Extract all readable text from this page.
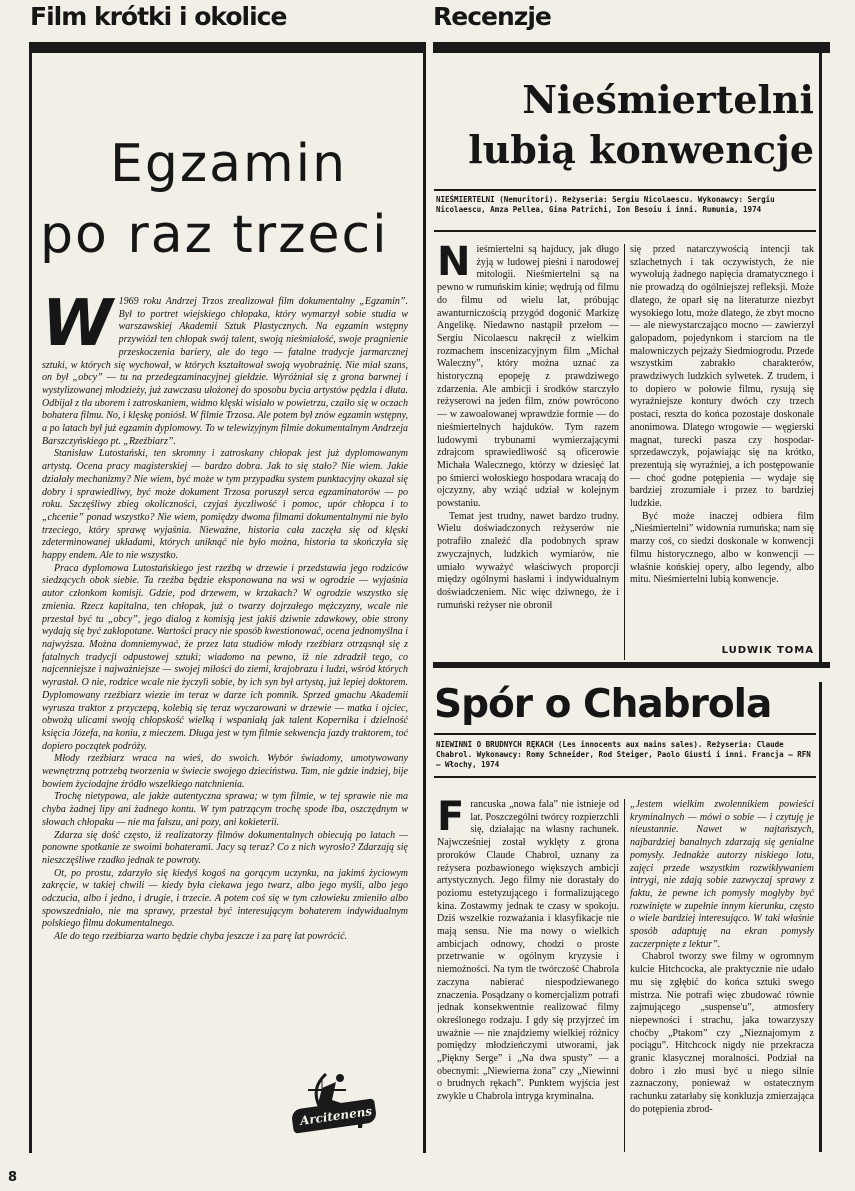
Film krótki i okolice	Recenzje
Egzamin
po raz trzeci
W 1969 roku Andrzej Trzos zrealizował film dokumentalny „Egzamin”. Był to portret wiejskiego chłopaka, który wymarzył sobie studia w warszawskiej Akademii Sztuk Plastycznych. Na egzamin wstępny przywiózł ten chłopak swój talent, swoją nieśmiałość, swoje pragnienie przeskoczenia bariery, ale do tego — fatalne tradycje jarmarcznej sztuki, w których się wychował, w których kształtował swoją wyobraźnię. Nie miał szans, on był „obcy” — tu na przedegzaminacyjnej giełdzie. Wyróżniał się z grona barwnej i wystylizowanej młodzieży, już zawczasu ułożonej do sposobu bycia artystów pędzla i dłuta. Odbijał z tła uborem i zatroskaniem, widmo klęski wisiało w powietrzu, czaiło się w oczach bohatera filmu. No, i klęskę poniósł. W filmie Trzosa. Ale potem był znów egzamin wstępny, a po latach był już egzamin dyplomowy. To w telewizyjnym filmie dokumentalnym Andrzeja Barszczyńskiego pt. „Rzeźbiarz”.

Stanisław Lutostański, ten skromny i zatroskany chłopak jest już dyplomowanym artystą. Ocena pracy magisterskiej — bardzo dobra. Jak to się stało? Nie wiem. Jakie działały mechanizmy? Nie wiem, być może w tym przypadku system punktacyjny okazał się dobry i sprawiedliwy, być może dokument Trzosa poruszył serca egzaminatorów — po roku. Szczęśliwy zbieg okoliczności, czyjaś życzliwość i pomoc, upór chłopca i to „chcenie” ponad wszystko? Nie wiem, pomiędzy dwoma filmami dokumentalnymi nie było trzeciego, który sprawę wyjaśnia. Nieważne, historia cała zaczęła się od klęski zdeterminowanej układami, których uniknąć nie było można, historia ta skończyła się happy endem. Ale to nie wszystko.

Praca dyplomowa Lutostańskiego jest rzeźbą w drzewie i przedstawia jego rodziców siedzących obok siebie. Ta rzeźba będzie eksponowana na wsi w ogrodzie — wyjaśnia autor członkom komisji. Gdzie, pod drzewem, w krzakach? W ogrodzie wszystko się zmienia. Rzecz kapitalna, ten chłopak, już o twarzy dojrzałego mężczyzny, wcale nie przestał być tu „obcy”, jego dialog z komisją jest jakiś dziwnie zdawkowy, obie strony wydają się być zakłopotane. Wartości pracy nie sposób kwestionować, ocena jednomyślna i najwyższa. Można domniemywać, że przez lata studiów młody rzeźbiarz otrząsnął się z fatalnych tradycji odpustowej sztuki; wiadomo na pewno, iż nie zdradził tego, co najcenniejsze i najważniejsze — swojej miłości do ziemi, krajobrazu i ludzi, wśród których wyrastał. O nie, rodzice wcale nie życzyli sobie, by ich syn był artystą, już lepiej doktorem. Dyplomowany rzeźbiarz wiezie im teraz w darze ich pomnik. Sprzed gmachu Akademii wyrusza traktor z przyczepą, kolebią się teraz wyczarowani w drzewie — matka i ojciec, obwożą ulicami swoją chłopskość wielką i wspaniałą jak talent Kopernika i dzielność księcia Józefa, na koniu, z mieczem. Długa jest w tym filmie sekwencja jazdy traktorem, toć dopiero początek podróży.

Młody rzeźbiarz wraca na wieś, do swoich. Wybór świadomy, umotywowany wewnętrzną potrzebą tworzenia w świecie swojego dzieciństwa. Tam, nie gdzie indziej, bije bowiem życiodajne źródło wszelkiego natchnienia.

Trochę nietypowa, ale jakże autentyczna sprawa; w tym filmie, w tej sprawie nie ma chyba żadnej lipy ani żadnego kontu. W tym patrzącym trochę spode łba, oszczędnym w słowach chłopaku — nie ma fałszu, ani pozy, ani kokieterii.

Zdarza się dość często, iż realizatorzy filmów dokumentalnych obiecują po latach — ponowne spotkanie ze swoimi bohaterami. Jacy są teraz? Co z nich wyrosło? Zdarzają się nieszczęśliwe rzadko jednak te powroty.

Ot, po prostu, zdarzyło się kiedyś kogoś na gorącym uczynku, na jakimś życiowym zakręcie, w takiej chwili — kiedy była ciekawa jego twarz, albo jego myśli, albo jego odczucia, albo i jedno, i drugie, i trzecie. A potem coś się w tym człowieku zmieniło albo spowszedniało, nie ma sprawy, przestał być interesującym bohaterem indywidualnym polskiego filmu dokumentalnego.

Ale do tego rzeźbiarza warto będzie chyba jeszcze i za parę lat powrócić.

Arcitenens
8
Nieśmiertelni
lubią konwencje
NIEŚMIERTELNI (Nemuritori). Reżyseria: Sergiu Nicolaescu. Wykonawcy: Sergiu Nicolaescu, Amza Pellea, Gina Patrichi, Ion Besoiu i inni. Rumunia, 1974
N ieśmiertelni są hajducy, jak długo żyją w ludowej pieśni i narodowej mitologii. Nieśmiertelni są na pewno w rumuńskim kinie; wędrują od filmu do filmu od wielu lat, próbując awanturniczością przygód dogonić Markizę Angelikę. Niedawno nastąpił przełom — Sergiu Nicolaescu nakręcił z wielkim rozmachem inscenizacyjnym film „Michał Waleczny”, który można uznać za historyczną epopeję z prawdziwego zdarzenia. Ale ambicji i środków starczyło reżyserowi na jeden film, znów powrócono — w zawoalowanej wprawdzie formie — do nieśmiertelnych hajduków. Tym razem ludowymi trybunami wymierzającymi zdrajcom sprawiedliwość są oficerowie Michała Walecznego, którzy w dziesięć lat po śmierci wołoskiego hospodara wracają do ojczyzny, aby wziąć udział w kolejnym powstaniu.

Temat jest trudny, nawet bardzo trudny. Wielu doświadczonych reżyserów nie potrafiło znaleźć dla podobnych spraw zwyczajnych, ludzkich wymiarów, nie umiało wyważyć właściwych proporcji między ogólnymi hasłami i indywidualnym doświadczeniem. Nic więc dziwnego, że i rumuński reżyser nie obronił

się przed natarczywością intencji tak szlachetnych i tak oczywistych, że nie wywołują żadnego napięcia dramatycznego i nie prowadzą do ogólniejszej refleksji. Może dlatego, że oparł się na literaturze niezbyt wysokiego lotu, może dlatego, że zbyt mocno — ale niewystarczająco mocno — zawierzył galopadom, pojedynkom i starciom na tle malowniczych pejzaży Siedmiogrodu. Przede wszystkim zabrakło charakterów, prawdziwych ludzkich sylwetek. Z trudem, i to dopiero w połowie filmu, rysują się wyraźniejsze kontury dwóch czy trzech postaci, reszta do końca pozostaje doskonale anonimowa. Dlatego wrogowie — węgierski magnat, turecki pasza czy hospodar-sprzedawczyk, pojawiając się na krótko, prezentują się wyraźniej, a ich postępowanie — choć godne potępienia — wydaje się bardziej zrozumiałe i przez to bardziej ludzkie.

Być może inaczej odbiera film „Nieśmiertelni” widownia rumuńska; nam się marzy coś, co siedzi doskonale w konwencji filmu historycznego, albo w konwencji — właśnie końskiej opery, albo legendy, albo mitu. Nieśmiertelni lubią konwencje.

LUDWIK TOMA
Spór o Chabrola
NIEWINNI O BRUDNYCH RĘKACH (Les innocents aux mains sales). Reżyseria: Claude Chabrol. Wykonawcy: Romy Schneider, Rod Steiger, Paolo Giusti i inni. Francja — RFN — Włochy, 1974
F rancuska „nowa fala” nie istnieje od lat. Poszczególni twórcy rozpierzchli się, działając na własny rachunek. Najwcześniej został wyklęty z grona proroków Claude Chabrol, uznany za reżysera pozbawionego większych ambicji artystycznych. Jego filmy nie dorastały do poziomu estetyzującego i formalizującego kina. Zostawmy jednak te czasy w spokoju. Dziś wszelkie rozważania i klasyfikacje nie mają sensu. Nie ma nowy o wielkich ambicjach odnowy, chodzi o proste przetrwanie w ogólnym kryzysie i niemożności. Na tym tle twórczość Chabrola zaczyna nabierać niespodziewanego znaczenia. Posądzany o komercjalizm potrafi jednak konsekwentnie realizować filmy określonego rodzaju. I gdy się przyjrzeć im uważnie — nie znajdziemy wielkiej różnicy pomiędzy młodzieńczymi utworami, jak „Piękny Serge” i „Na dwa spusty” — a obecnymi: „Niewierna żona” czy „Niewinni o brudnych rękach”. Punktem wyjścia jest zwykle u Chabrola intryga kryminalna.

„Jestem wielkim zwolennikiem powieści kryminalnych — mówi o sobie — i czytuję je nieustannie. Nawet w najtańszych, najbardziej banalnych zdarzają się genialne pomysły. Jednakże autorzy niskiego lotu, zajęci przede wszystkim rozwikływaniem intrygi, nie zdają sobie zazwyczaj sprawy z faktu, że pewne ich pomysły mogłyby być rozwinięte w zupełnie innym kierunku, często o wiele bardziej interesująco. W taki właśnie sposób adaptuję na ekran pomysły zaczerpnięte z lektur”.

Chabrol tworzy swe filmy w ogromnym kulcie Hitchcocka, ale praktycznie nie udało mu się zgłębić do końca sztuki swego mistrza. Nie potrafi więc zbudować równie zajmującego „suspense'u”, atmosfery niepewności i strachu, jaka towarzyszy choćby „Ptakom” czy „Nieznajomym z pociągu”. Hitchcock nigdy nie przekracza granic klasycznej moralności. Podział na dobro i zło musi być u niego silnie zaznaczony, ponieważ w ostatecznym rachunku zatarłaby się konkluzja zmierzająca do potępienia zbrod-
